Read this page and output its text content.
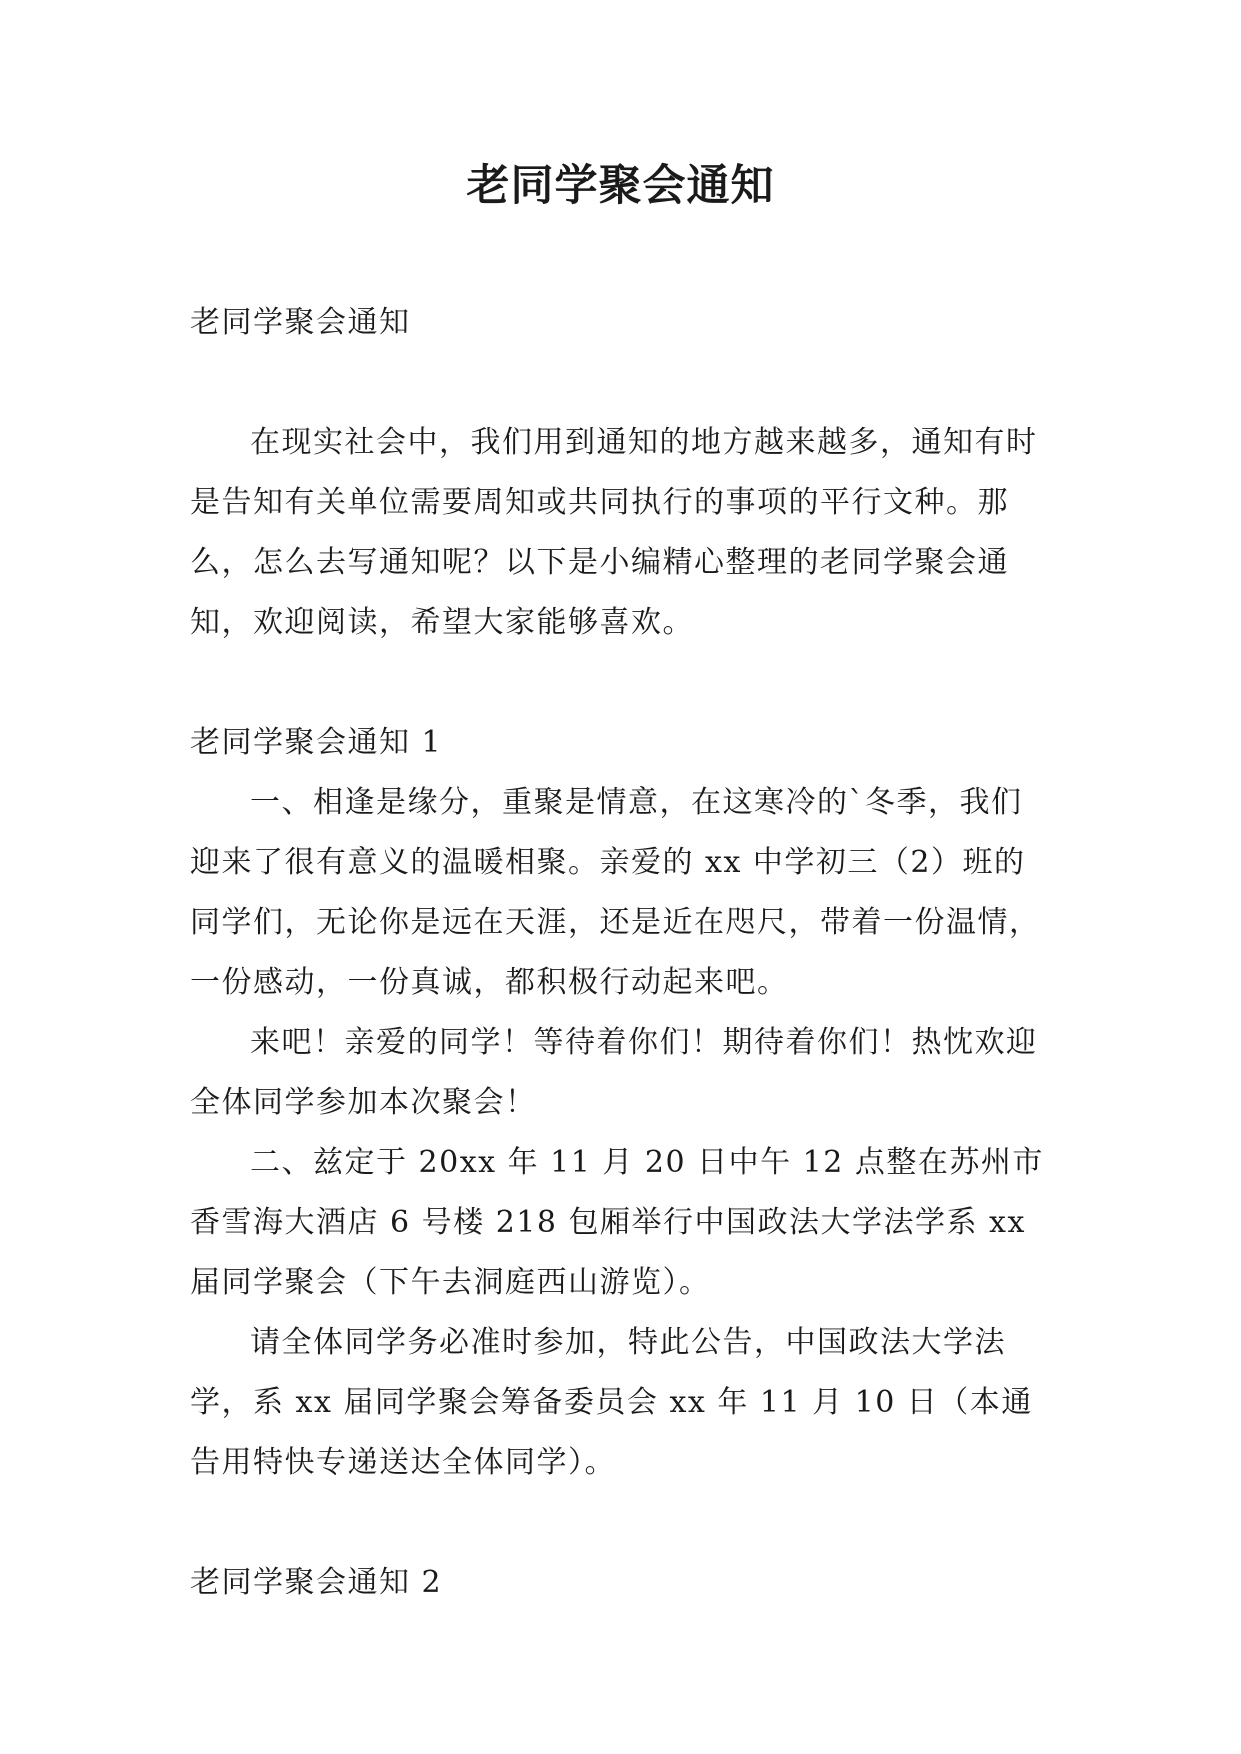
老同学聚会通知

老同学聚会通知

在现实社会中，我们用到通知的地方越来越多，通知有时是告知有关单位需要周知或共同执行的事项的平行文种。那么，怎么去写通知呢？以下是小编精心整理的老同学聚会通知，欢迎阅读，希望大家能够喜欢。

老同学聚会通知 1

一、相逢是缘分，重聚是情意，在这寒冷的`冬季，我们迎来了很有意义的温暖相聚。亲爱的 xx 中学初三（2）班的同学们，无论你是远在天涯，还是近在咫尺，带着一份温情，一份感动，一份真诚，都积极行动起来吧。

来吧！亲爱的同学！等待着你们！期待着你们！热忱欢迎全体同学参加本次聚会！

二、兹定于 20xx 年 11 月 20 日中午 12 点整在苏州市香雪海大酒店 6 号楼 218 包厢举行中国政法大学法学系 xx 届同学聚会（下午去洞庭西山游览）。

请全体同学务必准时参加，特此公告，中国政法大学法学，系 xx 届同学聚会筹备委员会 xx 年 11 月 10 日（本通告用特快专递送达全体同学）。

老同学聚会通知 2
